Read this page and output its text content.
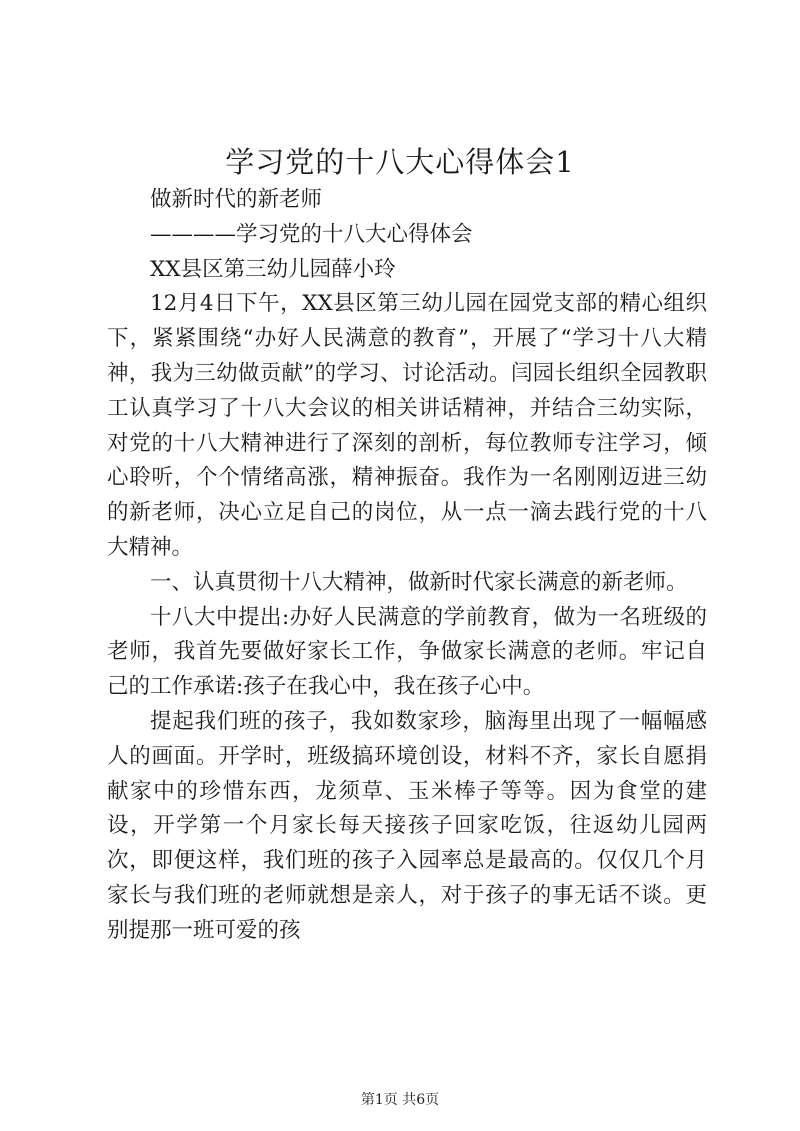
学习党的十八大心得体会1

做新时代的新老师

————学习党的十八大心得体会

XX县区第三幼儿园薛小玲

12月4日下午，XX县区第三幼儿园在园党支部的精心组织下，紧紧围绕“办好人民满意的教育”，开展了“学习十八大精神，我为三幼做贡献”的学习、讨论活动。闫园长组织全园教职工认真学习了十八大会议的相关讲话精神，并结合三幼实际，对党的十八大精神进行了深刻的剖析，每位教师专注学习，倾心聆听，个个情绪高涨，精神振奋。我作为一名刚刚迈进三幼的新老师，决心立足自己的岗位，从一点一滴去践行党的十八大精神。

一、认真贯彻十八大精神，做新时代家长满意的新老师。

十八大中提出:办好人民满意的学前教育，做为一名班级的老师，我首先要做好家长工作，争做家长满意的老师。牢记自己的工作承诺:孩子在我心中，我在孩子心中。

提起我们班的孩子，我如数家珍，脑海里出现了一幅幅感人的画面。开学时，班级搞环境创设，材料不齐，家长自愿捐献家中的珍惜东西，龙须草、玉米棒子等等。因为食堂的建设，开学第一个月家长每天接孩子回家吃饭，往返幼儿园两次，即便这样，我们班的孩子入园率总是最高的。仅仅几个月家长与我们班的老师就想是亲人，对于孩子的事无话不谈。更别提那一班可爱的孩

第1页 共6页
